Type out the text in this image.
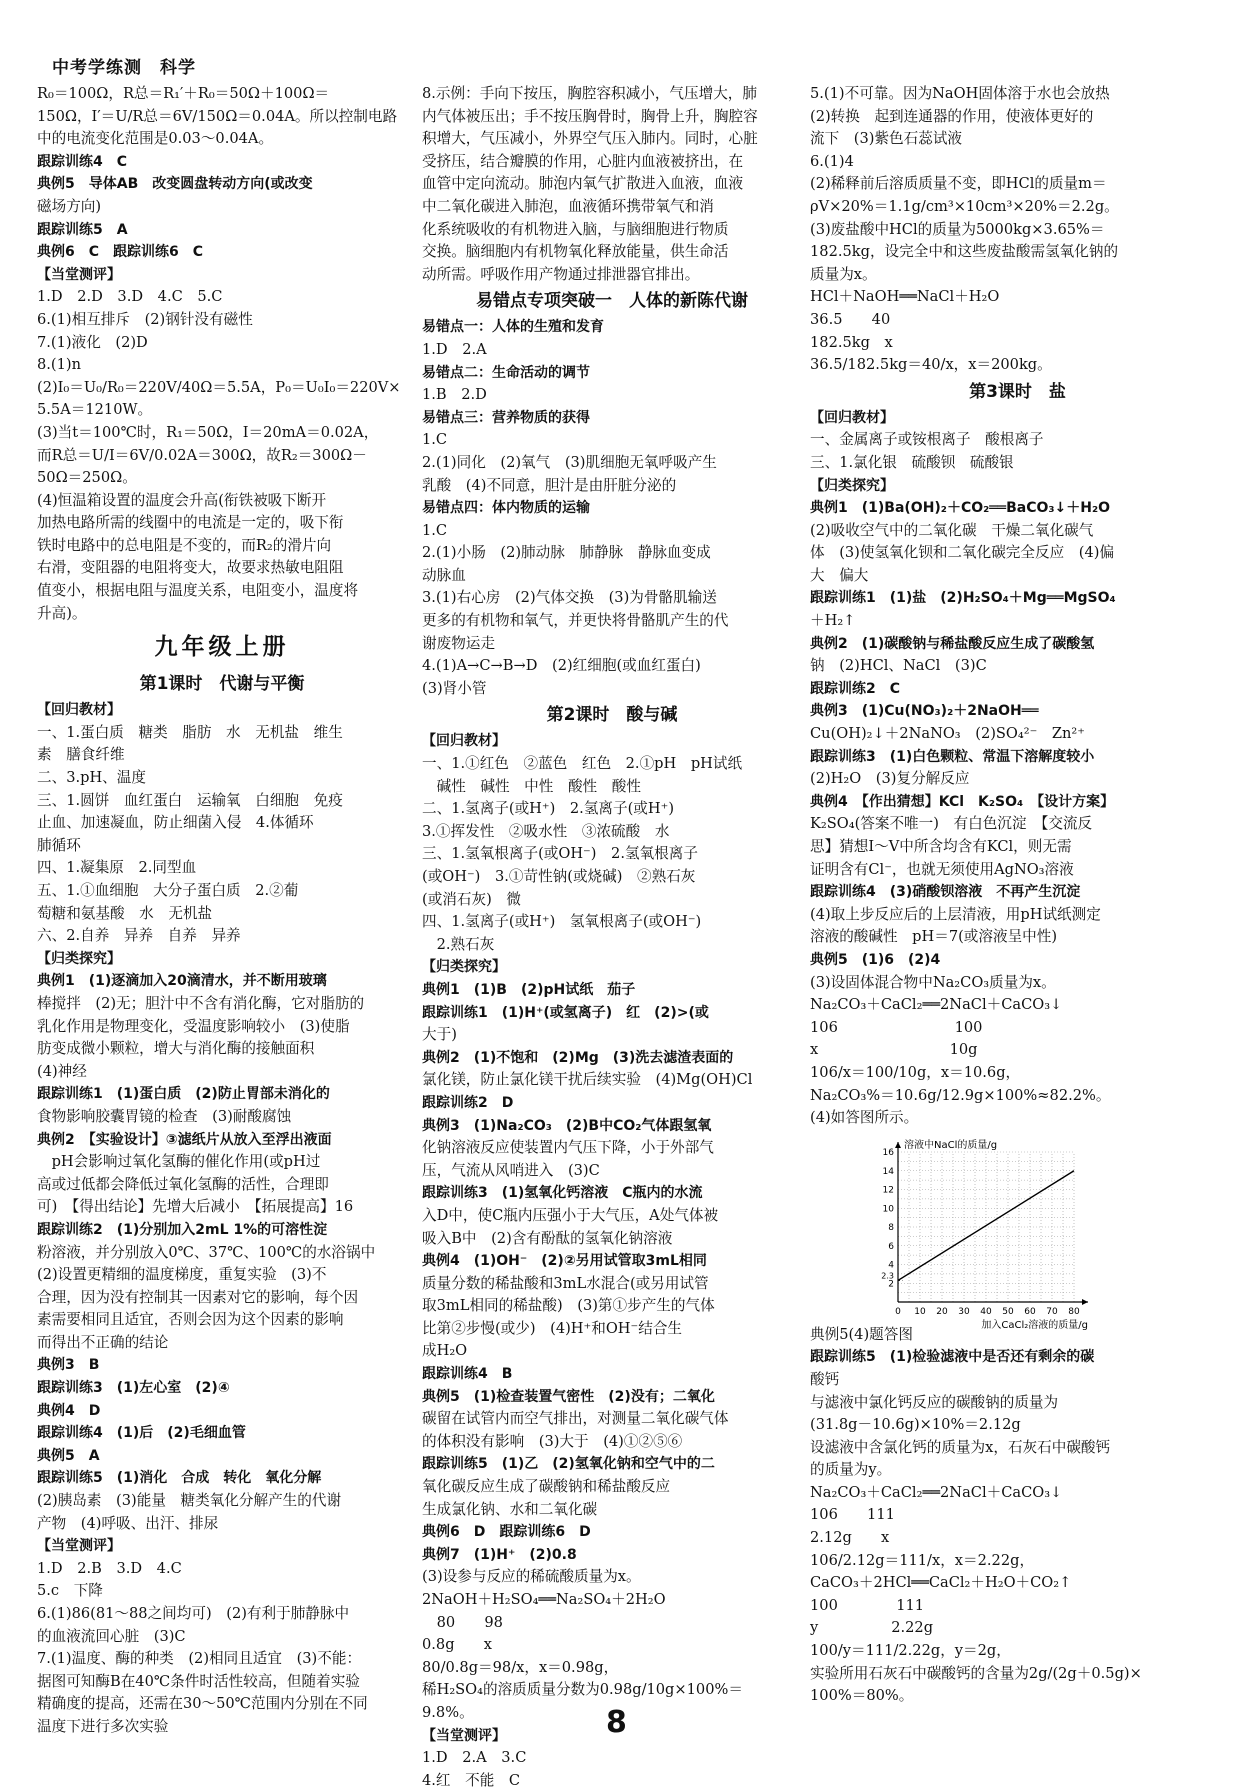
中考学练测　科学

R₀＝100Ω，R总＝R₁′＋R₀＝50Ω＋100Ω＝

150Ω，I′＝U/R总＝6V/150Ω＝0.04A。所以控制电路

中的电流变化范围是0.03～0.04A。

跟踪训练4　C

典例5　导体AB　改变圆盘转动方向(或改变

磁场方向)

跟踪训练5　A

典例6　C　跟踪训练6　C

【当堂测评】

1.D　2.D　3.D　4.C　5.C

6.(1)相互排斥　(2)钢针没有磁性

7.(1)液化　(2)D

8.(1)n

(2)I₀＝U₀/R₀＝220V/40Ω＝5.5A，P₀＝U₀I₀＝220V×

5.5A＝1210W。

(3)当t＝100℃时，R₁＝50Ω，I＝20mA＝0.02A，

而R总＝U/I＝6V/0.02A＝300Ω，故R₂＝300Ω－

50Ω＝250Ω。

(4)恒温箱设置的温度会升高(衔铁被吸下断开

加热电路所需的线圈中的电流是一定的，吸下衔

铁时电路中的总电阻是不变的，而R₂的滑片向

右滑，变阻器的电阻将变大，故要求热敏电阻阻

值变小，根据电阻与温度关系，电阻变小，温度将

升高)。

九年级上册

第1课时　代谢与平衡

【回归教材】

一、1.蛋白质　糖类　脂肪　水　无机盐　维生

素　膳食纤维

二、3.pH、温度

三、1.圆饼　血红蛋白　运输氧　白细胞　免疫

止血、加速凝血，防止细菌入侵　4.体循环

肺循环

四、1.凝集原　2.同型血

五、1.①血细胞　大分子蛋白质　2.②葡

萄糖和氨基酸　水　无机盐

六、2.自养　异养　自养　异养

【归类探究】

典例1　(1)逐滴加入20滴清水，并不断用玻璃

棒搅拌　(2)无；胆汁中不含有消化酶，它对脂肪的

乳化作用是物理变化，受温度影响较小　(3)使脂

肪变成微小颗粒，增大与消化酶的接触面积

(4)神经

跟踪训练1　(1)蛋白质　(2)防止胃部未消化的

食物影响胶囊胃镜的检查　(3)耐酸腐蚀

典例2　【实验设计】③滤纸片从放入至浮出液面

　pH会影响过氧化氢酶的催化作用(或pH过

高或过低都会降低过氧化氢酶的活性，合理即

可)　【得出结论】先增大后减小　【拓展提高】16

跟踪训练2　(1)分别加入2mL 1%的可溶性淀

粉溶液，并分别放入0℃、37℃、100℃的水浴锅中

(2)设置更精细的温度梯度，重复实验　(3)不

合理，因为没有控制其一因素对它的影响，每个因

素需要相同且适宜，否则会因为这个因素的影响

而得出不正确的结论

典例3　B

跟踪训练3　(1)左心室　(2)④

典例4　D

跟踪训练4　(1)后　(2)毛细血管

典例5　A

跟踪训练5　(1)消化　合成　转化　氧化分解

(2)胰岛素　(3)能量　糖类氧化分解产生的代谢

产物　(4)呼吸、出汗、排尿

【当堂测评】

1.D　2.B　3.D　4.C

5.c　下降

6.(1)86(81～88之间均可)　(2)有利于肺静脉中

的血液流回心脏　(3)C

7.(1)温度、酶的种类　(2)相同且适宜　(3)不能：

据图可知酶B在40℃条件时活性较高，但随着实验

精确度的提高，还需在30～50℃范围内分别在不同

温度下进行多次实验

8.示例：手向下按压，胸腔容积减小，气压增大，肺

内气体被压出；手不按压胸骨时，胸骨上升，胸腔容

积增大，气压减小，外界空气压入肺内。同时，心脏

受挤压，结合瓣膜的作用，心脏内血液被挤出，在

血管中定向流动。肺泡内氧气扩散进入血液，血液

中二氧化碳进入肺泡，血液循环携带氧气和消

化系统吸收的有机物进入脑，与脑细胞进行物质

交换。脑细胞内有机物氧化释放能量，供生命活

动所需。呼吸作用产物通过排泄器官排出。

易错点专项突破一　人体的新陈代谢

易错点一：人体的生殖和发育

1.D　2.A

易错点二：生命活动的调节

1.B　2.D

易错点三：营养物质的获得

1.C

2.(1)同化　(2)氧气　(3)肌细胞无氧呼吸产生

乳酸　(4)不同意，胆汁是由肝脏分泌的

易错点四：体内物质的运输

1.C

2.(1)小肠　(2)肺动脉　肺静脉　静脉血变成

动脉血

3.(1)右心房　(2)气体交换　(3)为骨骼肌输送

更多的有机物和氧气，并更快将骨骼肌产生的代

谢废物运走

4.(1)A→C→B→D　(2)红细胞(或血红蛋白)

(3)肾小管

第2课时　酸与碱

【回归教材】

一、1.①红色　②蓝色　红色　2.①pH　pH试纸

　碱性　碱性　中性　酸性　酸性

二、1.氢离子(或H⁺)　2.氢离子(或H⁺)

3.①挥发性　②吸水性　③浓硫酸　水

三、1.氢氧根离子(或OH⁻)　2.氢氧根离子

(或OH⁻)　3.①苛性钠(或烧碱)　②熟石灰

(或消石灰)　微

四、1.氢离子(或H⁺)　氢氧根离子(或OH⁻)

　2.熟石灰

【归类探究】

典例1　(1)B　(2)pH试纸　茄子

跟踪训练1　(1)H⁺(或氢离子)　红　(2)>(或

大于)

典例2　(1)不饱和　(2)Mg　(3)洗去滤渣表面的

氯化镁，防止氯化镁干扰后续实验　(4)Mg(OH)Cl

跟踪训练2　D

典例3　(1)Na₂CO₃　(2)B中CO₂气体跟氢氧

化钠溶液反应使装置内气压下降，小于外部气

压，气流从风哨进入　(3)C

跟踪训练3　(1)氢氧化钙溶液　C瓶内的水流

入D中，使C瓶内压强小于大气压，A处气体被

吸入B中　(2)含有酚酞的氢氧化钠溶液

典例4　(1)OH⁻　(2)②另用试管取3mL相同

质量分数的稀盐酸和3mL水混合(或另用试管

取3mL相同的稀盐酸)　(3)第①步产生的气体

比第②步慢(或少)　(4)H⁺和OH⁻结合生

成H₂O

跟踪训练4　B

典例5　(1)检查装置气密性　(2)没有；二氧化

碳留在试管内而空气排出，对测量二氧化碳气体

的体积没有影响　(3)大于　(4)①②⑤⑥

跟踪训练5　(1)乙　(2)氢氧化钠和空气中的二

氧化碳反应生成了碳酸钠和稀盐酸反应

生成氯化钠、水和二氧化碳

典例6　D　跟踪训练6　D

典例7　(1)H⁺　(2)0.8

(3)设参与反应的稀硫酸质量为x。

2NaOH＋H₂SO₄══Na₂SO₄＋2H₂O

　80　　98

0.8g　　x

80/0.8g＝98/x，x＝0.98g，

稀H₂SO₄的溶质质量分数为0.98g/10g×100%＝

9.8%。

【当堂测评】

1.D　2.A　3.C

4.红　不能　C

5.(1)不可靠。因为NaOH固体溶于水也会放热

(2)转换　起到连通器的作用，使液体更好的

流下　(3)紫色石蕊试液

6.(1)4

(2)稀释前后溶质质量不变，即HCl的质量m＝

ρV×20%＝1.1g/cm³×10cm³×20%＝2.2g。

(3)废盐酸中HCl的质量为5000kg×3.65%＝

182.5kg，设完全中和这些废盐酸需氢氧化钠的

质量为x。

HCl＋NaOH══NaCl＋H₂O

36.5　　40

182.5kg　x

36.5/182.5kg＝40/x，x＝200kg。

第3课时　盐

【回归教材】

一、金属离子或铵根离子　酸根离子

三、1.氯化银　硫酸钡　硫酸银

【归类探究】

典例1　(1)Ba(OH)₂＋CO₂══BaCO₃↓＋H₂O

(2)吸收空气中的二氧化碳　干燥二氧化碳气

体　(3)使氢氧化钡和二氧化碳完全反应　(4)偏

大　偏大

跟踪训练1　(1)盐　(2)H₂SO₄＋Mg══MgSO₄

＋H₂↑

典例2　(1)碳酸钠与稀盐酸反应生成了碳酸氢

钠　(2)HCl、NaCl　(3)C

跟踪训练2　C

典例3　(1)Cu(NO₃)₂＋2NaOH══

Cu(OH)₂↓＋2NaNO₃　(2)SO₄²⁻　Zn²⁺

跟踪训练3　(1)白色颗粒、常温下溶解度较小

(2)H₂O　(3)复分解反应

典例4　【作出猜想】KCl　K₂SO₄　【设计方案】

K₂SO₄(答案不唯一)　有白色沉淀　【交流反

思】猜想Ⅰ～Ⅴ中所含均含有KCl，则无需

证明含有Cl⁻，也就无须使用AgNO₃溶液

跟踪训练4　(3)硝酸钡溶液　不再产生沉淀

(4)取上步反应后的上层清液，用pH试纸测定

溶液的酸碱性　pH＝7(或溶液呈中性)

典例5　(1)6　(2)4

(3)设固体混合物中Na₂CO₃质量为x。

Na₂CO₃＋CaCl₂══2NaCl＋CaCO₃↓

106　　　　　　　　100

x　　　　　　　　　10g

106/x＝100/10g，x＝10.6g，

Na₂CO₃%＝10.6g/12.9g×100%≈82.2%。

(4)如答图所示。

0 10 20 30 40 50 60 70 80
2
4
6
8
10
12
14
16
2.3
溶液中NaCl的质量/g
加入CaCl₂溶液的质量/g

典例5(4)题答图

跟踪训练5　(1)检验滤液中是否还有剩余的碳

酸钙

与滤液中氯化钙反应的碳酸钠的质量为

(31.8g－10.6g)×10%＝2.12g

设滤液中含氯化钙的质量为x，石灰石中碳酸钙

的质量为y。

Na₂CO₃＋CaCl₂══2NaCl＋CaCO₃↓

106　　111

2.12g　　x

106/2.12g＝111/x，x＝2.22g，

CaCO₃＋2HCl══CaCl₂＋H₂O＋CO₂↑

100　　　　111

y　　　　　2.22g

100/y＝111/2.22g，y＝2g，

实验所用石灰石中碳酸钙的含量为2g/(2g＋0.5g)×

100%＝80%。

8
